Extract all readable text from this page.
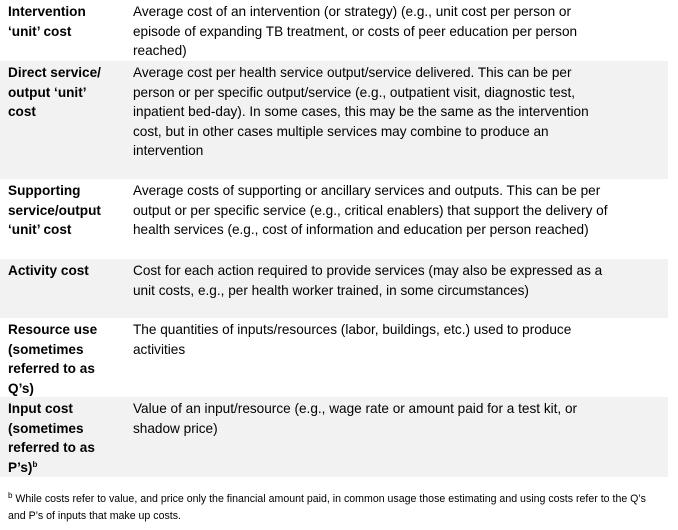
Intervention
‘unit’ cost
Average cost of an intervention (or strategy) (e.g., unit cost per person or
episode of expanding TB treatment, or costs of peer education per person
reached)
Direct service/
output ‘unit’
cost
Average cost per health service output/service delivered. This can be per
person or per specific output/service (e.g., outpatient visit, diagnostic test,
inpatient bed-day). In some cases, this may be the same as the intervention
cost, but in other cases multiple services may combine to produce an
intervention
Supporting
service/output
‘unit’ cost
Average costs of supporting or ancillary services and outputs. This can be per
output or per specific service (e.g., critical enablers) that support the delivery of
health services (e.g., cost of information and education per person reached)
Activity cost	Cost for each action required to provide services (may also be expressed as a
unit costs, e.g., per health worker trained, in some circumstances)
Resource use
(sometimes
referred to as
Q’s)
The quantities of inputs/resources (labor, buildings, etc.) used to produce
activities
Input cost
(sometimes
referred to as
P’s)$^b$
Value of an input/resource (e.g., wage rate or amount paid for a test kit, or
shadow price)
$^b$ While costs refer to value, and price only the financial amount paid, in common usage those estimating and using costs refer to the Q’s
and P’s of inputs that make up costs.
